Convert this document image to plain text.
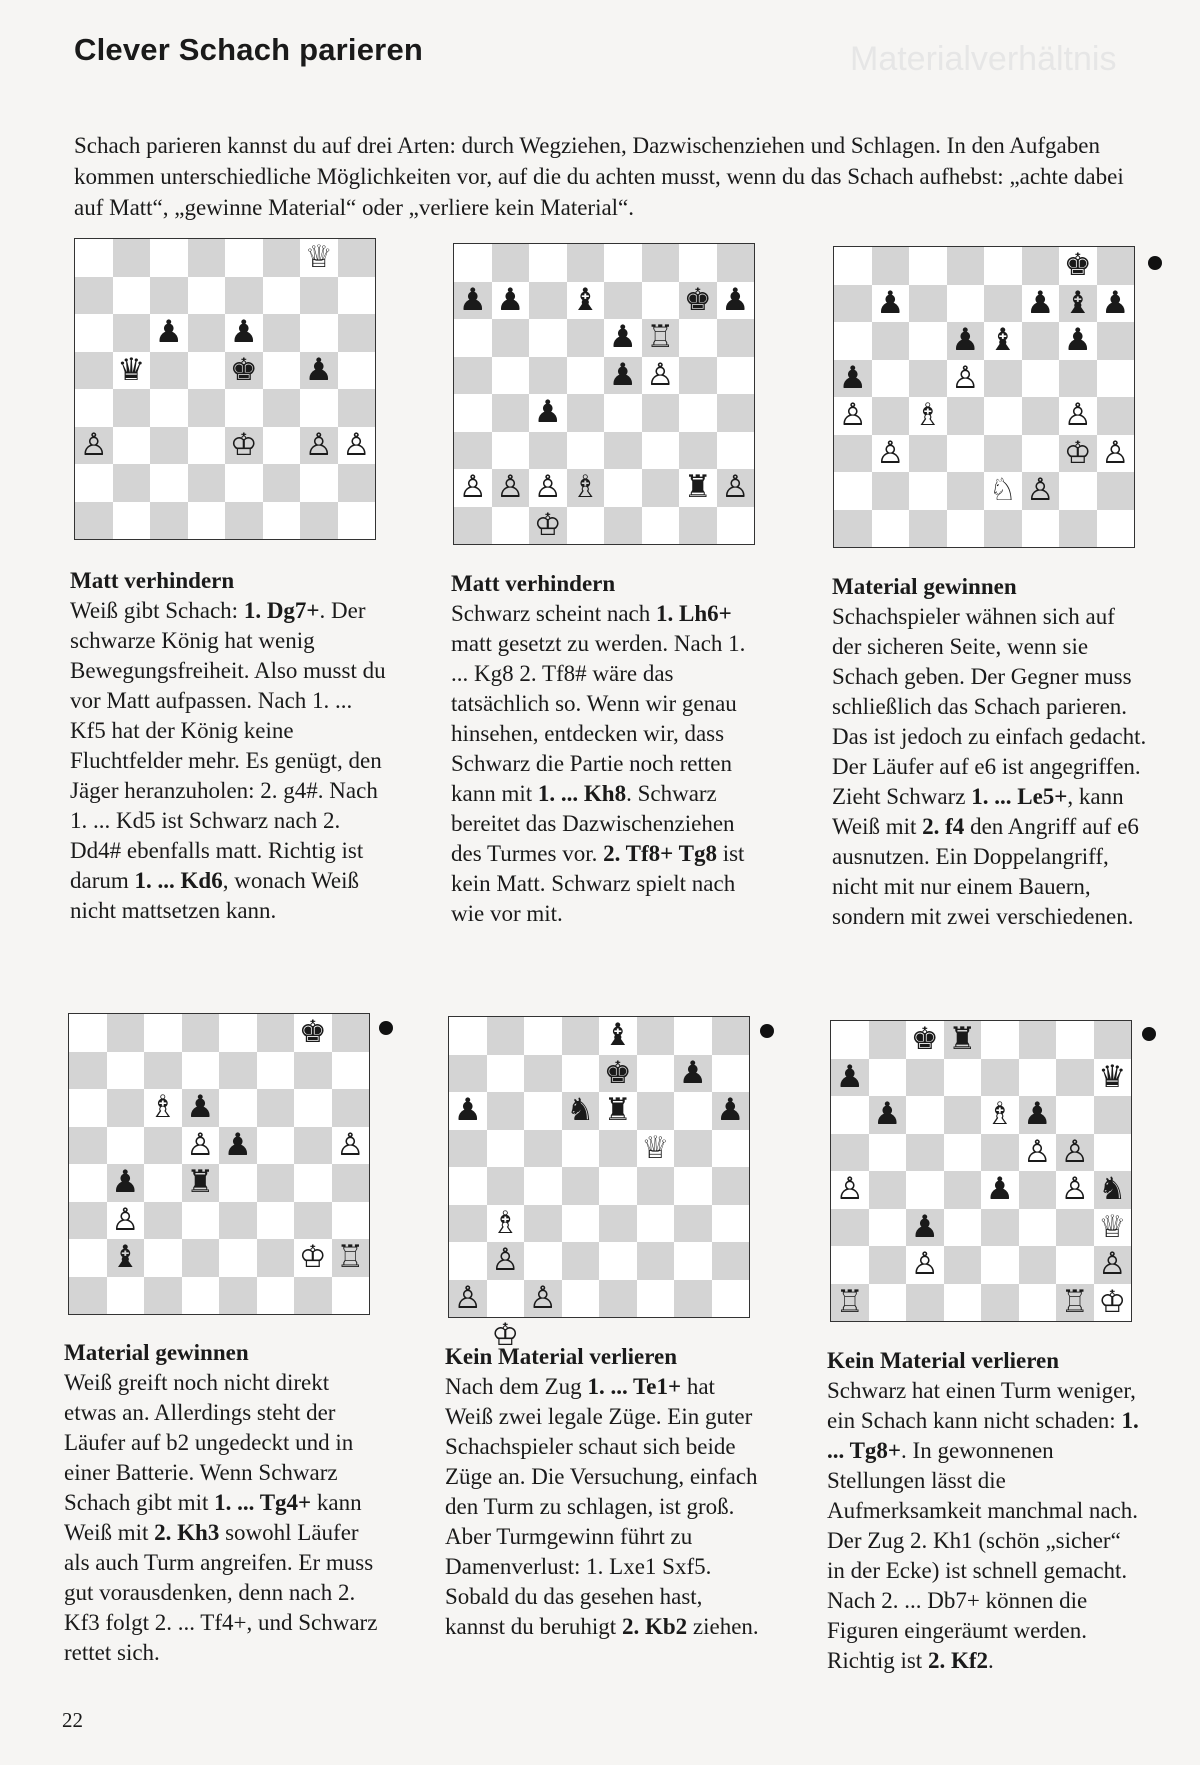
Clever Schach parieren	Materialverhältnis
Schach parieren kannst du auf drei Arten: durch Wegziehen, Dazwischenziehen und Schlagen. In den Aufgaben kommen unterschiedliche Möglichkeiten vor, auf die du achten musst, wenn du das Schach aufhebst: „achte dabei auf Matt“, „gewinne Material“ oder „verliere kein Material“.
♕
♟ ♟
♛	♚ ♟
♙	♔ ♙ ♙
Matt verhindern
Weiß gibt Schach: 1. Dg7+. Der schwarze König hat wenig Bewegungsfreiheit. Also musst du vor Matt aufpassen. Nach 1. ... Kf5 hat der König keine Fluchtfelder mehr. Es genügt, den Jäger heranzuholen: 2. g4#. Nach 1. ... Kd5 ist Schwarz nach 2. Dd4# ebenfalls matt. Richtig ist darum 1. ... Kd6, wonach Weiß nicht mattsetzen kann.
♟ ♟ ♝	♚ ♟
♟ ♖
♟ ♙
♟
♙ ♙ ♙ ♗	♜ ♙
♔
Matt verhindern
Schwarz scheint nach 1. Lh6+ matt gesetzt zu werden. Nach 1. ... Kg8 2. Tf8# wäre das tatsächlich so. Wenn wir genau hinsehen, entdecken wir, dass Schwarz die Partie noch retten kann mit 1. ... Kh8. Schwarz bereitet das Dazwischenziehen des Turmes vor. 2. Tf8+ Tg8 ist kein Matt. Schwarz spielt nach wie vor mit.
♚
♟	♟ ♝ ♟
♟ ♝ ♟
♟	♙
♙ ♗	♙
♙	♔ ♙
♘ ♙
Material gewinnen
Schachspieler wähnen sich auf der sicheren Seite, wenn sie Schach geben. Der Gegner muss schließlich das Schach parieren. Das ist jedoch zu einfach gedacht. Der Läufer auf e6 ist angegriffen. Zieht Schwarz 1. ... Le5+, kann Weiß mit 2. f4 den Angriff auf e6 ausnutzen. Ein Doppelangriff, nicht mit nur einem Bauern, sondern mit zwei verschiedenen.
♚
♗ ♟
♙ ♟	♙
♟ ♜
♙
♝	♔ ♖
Material gewinnen
Weiß greift noch nicht direkt etwas an. Allerdings steht der Läufer auf b2 ungedeckt und in einer Batterie. Wenn Schwarz Schach gibt mit 1. ... Tg4+ kann Weiß mit 2. Kh3 sowohl Läufer als auch Turm angreifen. Er muss gut vorausdenken, denn nach 2. Kf3 folgt 2. ... Tf4+, und Schwarz rettet sich.
♝
♚ ♟
♟	♞ ♜	♟
♕
♗
♙
♙ ♙
♔
Kein Material verlieren
Nach dem Zug 1. ... Te1+ hat Weiß zwei legale Züge. Ein guter Schachspieler schaut sich beide Züge an. Die Versuchung, einfach den Turm zu schlagen, ist groß. Aber Turmgewinn führt zu Damenverlust: 1. Lxe1 Sxf5. Sobald du das gesehen hast, kannst du beruhigt 2. Kb2 ziehen.
♚ ♜
♟	♛
♟	♗ ♟
♙ ♙
♙	♟ ♙ ♞
♟	♕
♙	♙
♖	♖ ♔
Kein Material verlieren
Schwarz hat einen Turm weniger, ein Schach kann nicht schaden: 1. ... Tg8+. In gewonnenen Stellungen lässt die Aufmerksamkeit manchmal nach. Der Zug 2. Kh1 (schön „sicher“ in der Ecke) ist schnell gemacht. Nach 2. ... Db7+ können die Figuren eingeräumt werden. Richtig ist 2. Kf2.
22
